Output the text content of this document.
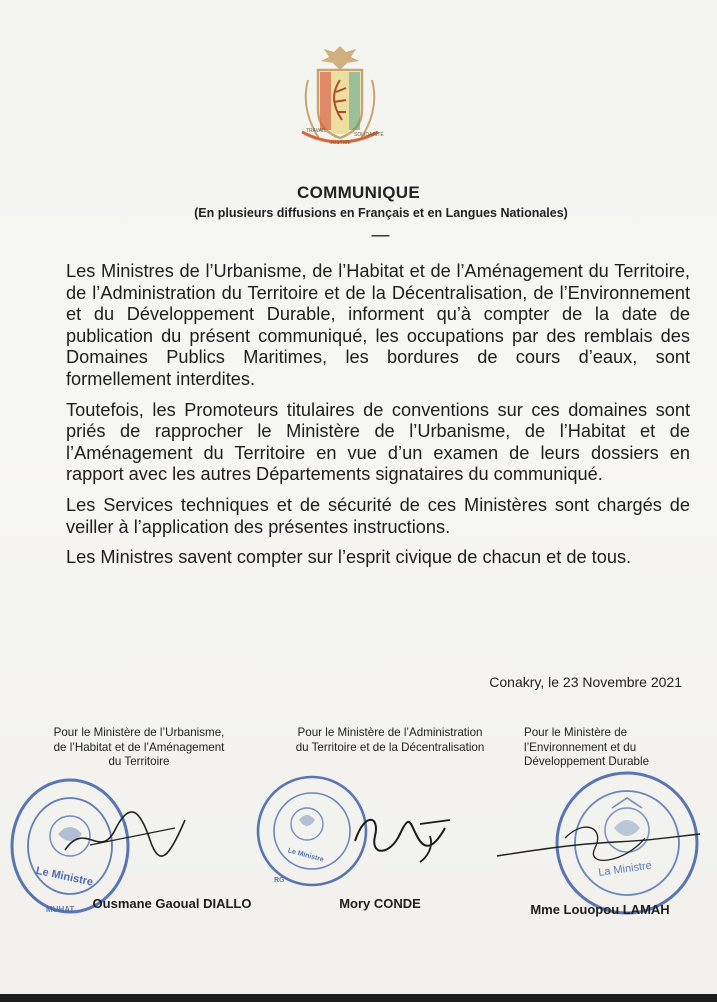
TRAVAIL
JUSTICE
SOLIDARITÉ
COMMUNIQUE
(En plusieurs diffusions en Français et en Langues Nationales)
------

Les Ministres de l’Urbanisme, de l’Habitat et de l’Aménagement du Territoire, de l’Administration du Territoire et de la Décentralisation, de l’Environnement et du Développement Durable, informent qu’à compter de la date de publication du présent communiqué, les occupations par des remblais des Domaines Publics Maritimes, les bordures de cours d’eaux, sont formellement interdites.

Toutefois, les Promoteurs titulaires de conventions sur ces domaines sont priés de rapprocher le Ministère de l’Urbanisme, de l’Habitat et de l’Aménagement du Territoire en vue d’un examen de leurs dossiers en rapport avec les autres Départements signataires du communiqué.

Les Services techniques et de sécurité de ces Ministères sont chargés de veiller à l’application des présentes instructions.

Les Ministres savent compter sur l’esprit civique de chacun et de tous.

Conakry, le 23 Novembre 2021
Pour le Ministère de l’Urbanisme,
de l’Habitat et de l’Aménagement
du Territoire
Pour le Ministère de l’Administration
du Territoire et de la Décentralisation
Pour le Ministère de
l’Environnement et du
Développement Durable
Le Ministre
MUHAT
Le Ministre
RG
La Ministre
Ousmane Gaoual DIALLO	Mory CONDE	Mme Louopou LAMAH
